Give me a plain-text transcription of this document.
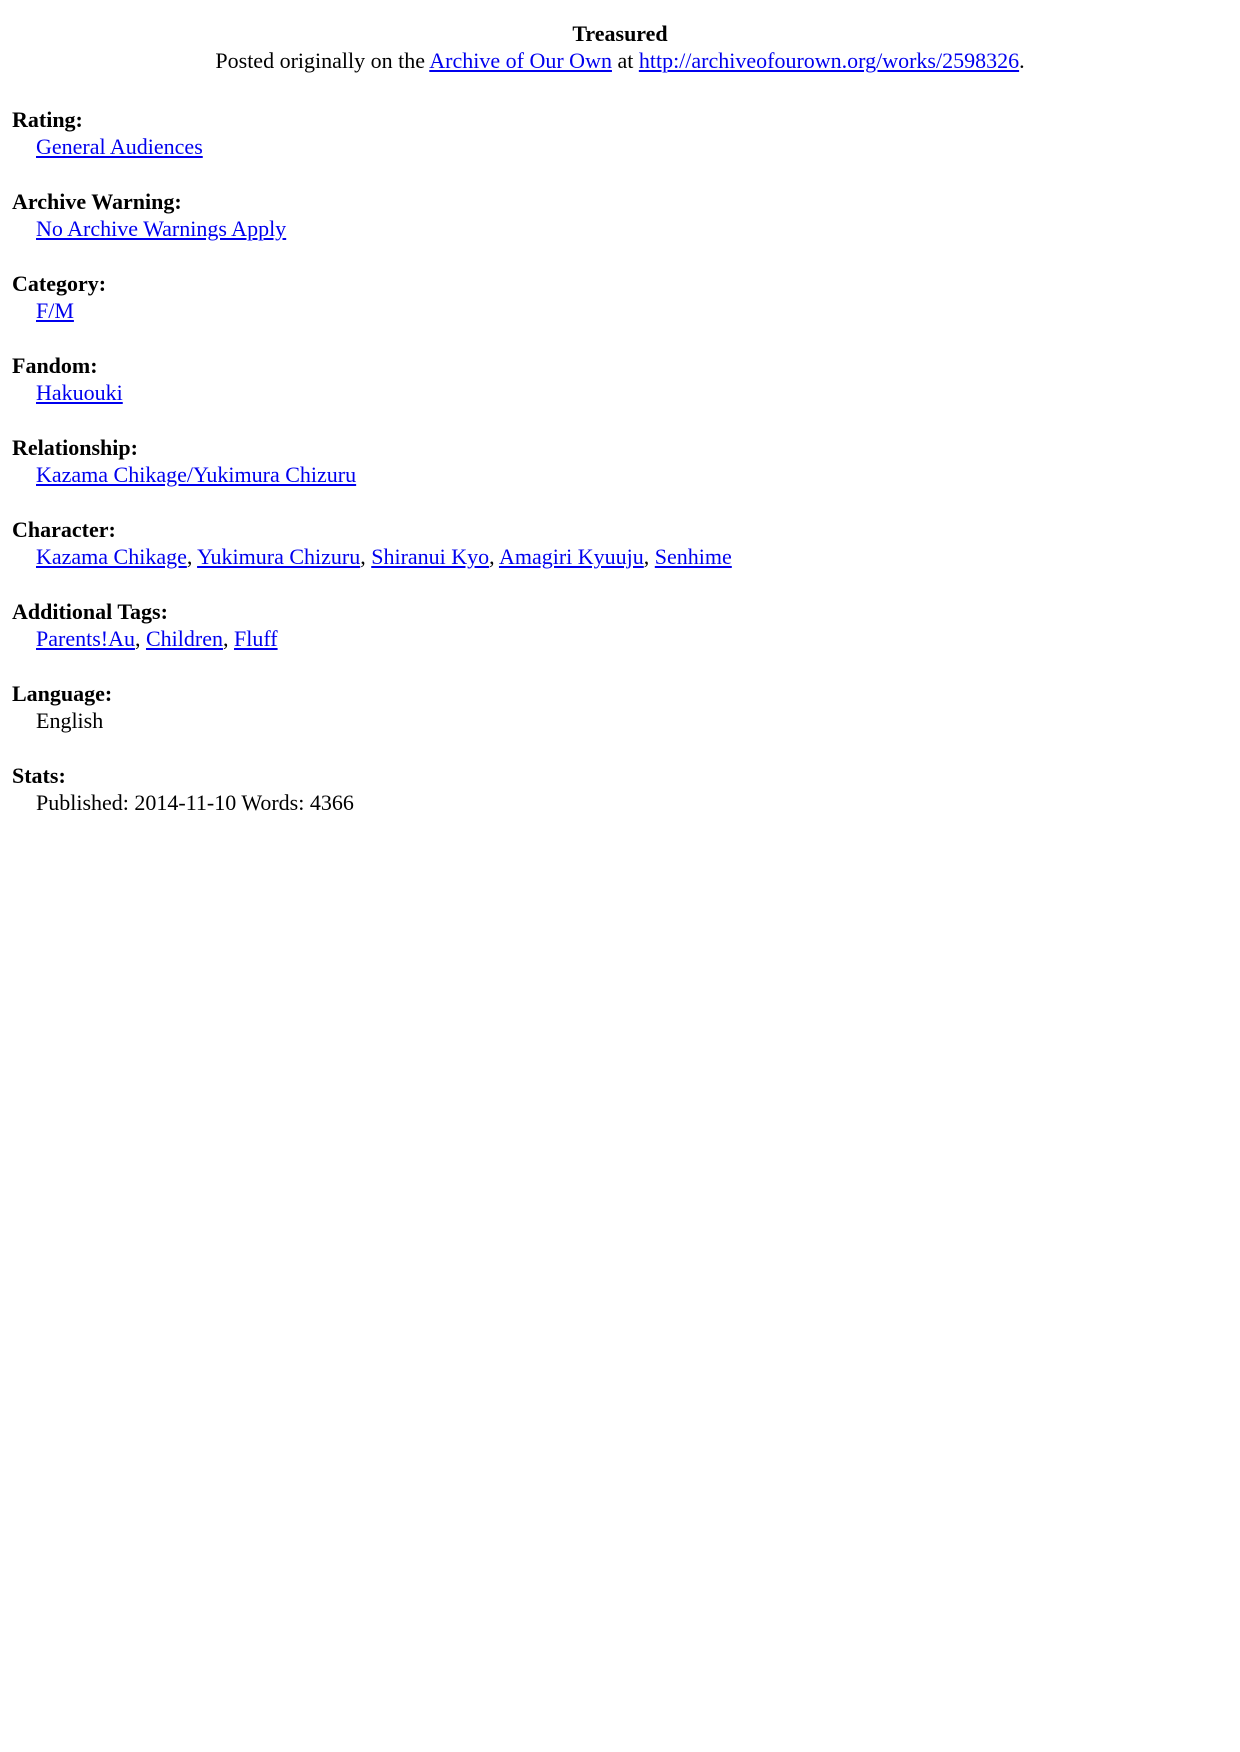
Treasured
Posted originally on the Archive of Our Own at http://archiveofourown.org/works/2598326.
Rating:
General Audiences
Archive Warning:
No Archive Warnings Apply
Category:
F/M
Fandom:
Hakuouki
Relationship:
Kazama Chikage/Yukimura Chizuru
Character:
Kazama Chikage, Yukimura Chizuru, Shiranui Kyo, Amagiri Kyuuju, Senhime
Additional Tags:
Parents!Au, Children, Fluff
Language:
English
Stats:
Published: 2014-11-10 Words: 4366
